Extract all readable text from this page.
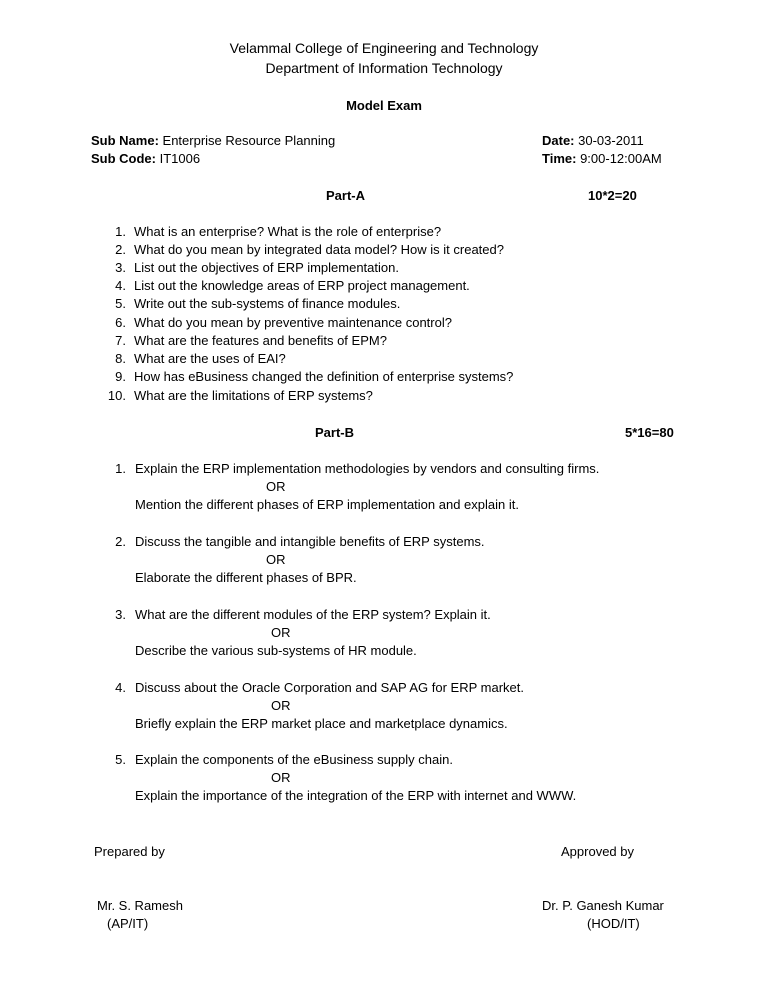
Velammal College of Engineering and Technology
Department of Information Technology
Model Exam
Sub Name: Enterprise Resource Planning
Sub Code: IT1006
Date: 30-03-2011
Time: 9:00-12:00AM
Part-A	10*2=20
1. What is an enterprise? What is the role of enterprise?
2. What do you mean by integrated data model? How is it created?
3. List out the objectives of ERP implementation.
4. List out the knowledge areas of ERP project management.
5. Write out the sub-systems of finance modules.
6. What do you mean by preventive maintenance control?
7. What are the features and benefits of EPM?
8. What are the uses of EAI?
9. How has eBusiness changed the definition of enterprise systems?
10. What are the limitations of ERP systems?
Part-B	5*16=80
1. Explain the ERP implementation methodologies by vendors and consulting firms.
OR
Mention the different phases of ERP implementation and explain it.
2. Discuss the tangible and intangible benefits of ERP systems.
OR
Elaborate the different phases of BPR.
3. What are the different modules of the ERP system? Explain it.
OR
Describe the various sub-systems of HR module.
4. Discuss about the Oracle Corporation and SAP AG for ERP market.
OR
Briefly explain the ERP market place and marketplace dynamics.
5. Explain the components of the eBusiness supply chain.
OR
Explain the importance of the integration of the ERP with internet and WWW.
Prepared by
Mr. S. Ramesh
(AP/IT)
Approved by
Dr. P. Ganesh Kumar
(HOD/IT)
